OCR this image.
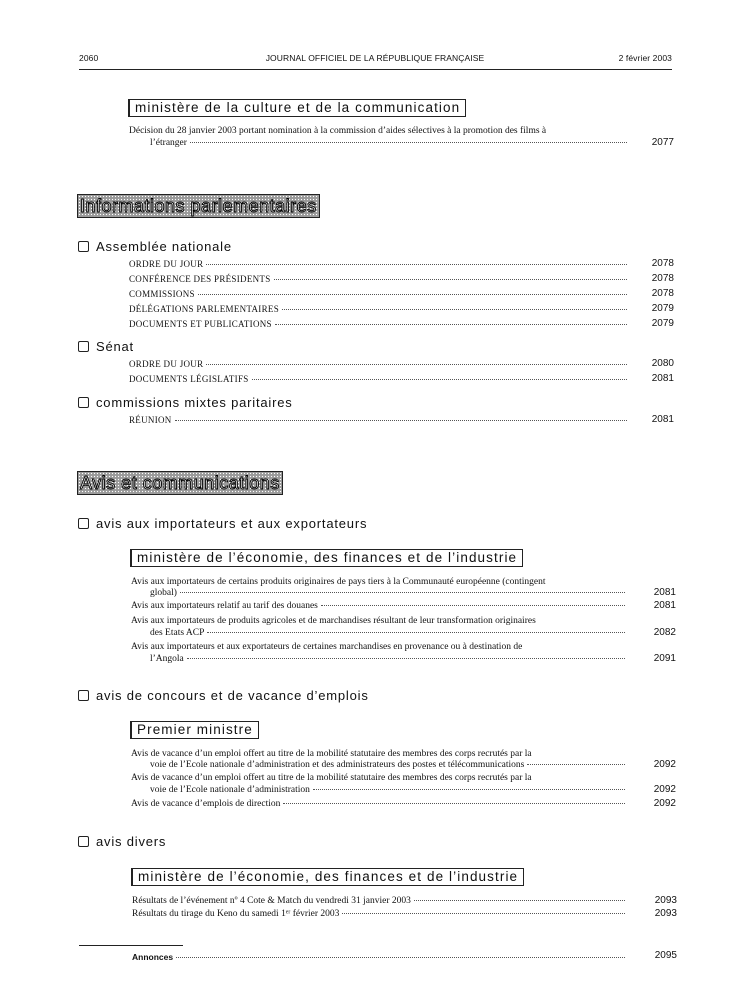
2060	JOURNAL OFFICIEL DE LA RÉPUBLIQUE FRANÇAISE	2 février 2003
ministère de la culture et de la communication
Décision du 28 janvier 2003 portant nomination à la commission d’aides sélectives à la promotion des films à
l’étranger	2077
Informations parlementaires
Assemblée nationale
ORDRE DU JOUR	2078
CONFÉRENCE DES PRÉSIDENTS	2078
COMMISSIONS	2078
DÉLÉGATIONS PARLEMENTAIRES	2079
DOCUMENTS ET PUBLICATIONS	2079
Sénat
ORDRE DU JOUR	2080
DOCUMENTS LÉGISLATIFS	2081
commissions mixtes paritaires
RÉUNION	2081
Avis et communications
avis aux importateurs et aux exportateurs
ministère de l’économie, des finances et de l’industrie
Avis aux importateurs de certains produits originaires de pays tiers à la Communauté européenne (contingent
global)	2081
Avis aux importateurs relatif au tarif des douanes	2081
Avis aux importateurs de produits agricoles et de marchandises résultant de leur transformation originaires
des Etats ACP	2082
Avis aux importateurs et aux exportateurs de certaines marchandises en provenance ou à destination de
l’Angola	2091
avis de concours et de vacance d’emplois
Premier ministre
Avis de vacance d’un emploi offert au titre de la mobilité statutaire des membres des corps recrutés par la
voie de l’Ecole nationale d’administration et des administrateurs des postes et télécommunications	2092
Avis de vacance d’un emploi offert au titre de la mobilité statutaire des membres des corps recrutés par la
voie de l’Ecole nationale d’administration	2092
Avis de vacance d’emplois de direction	2092
avis divers
ministère de l’économie, des finances et de l’industrie
Résultats de l’événement nº 4 Cote & Match du vendredi 31 janvier 2003	2093
Résultats du tirage du Keno du samedi 1ᵉʳ février 2003	2093
Annonces	2095
